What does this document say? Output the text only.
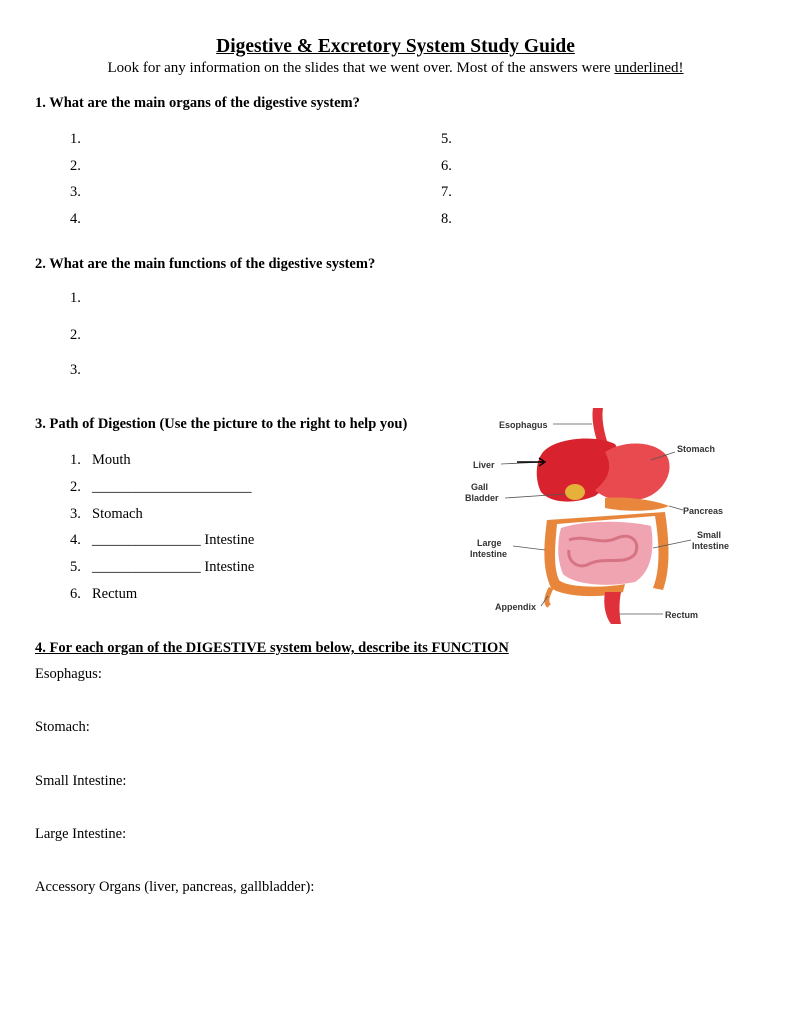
Digestive & Excretory System Study Guide
Look for any information on the slides that we went over. Most of the answers were underlined!
1. What are the main organs of the digestive system?
1.
2.
3.
4.
5.
6.
7.
8.
2. What are the main functions of the digestive system?
1.
2.
3.
3. Path of Digestion (Use the picture to the right to help you)
1. Mouth
2. ______________________
3. Stomach
4. _______________ Intestine
5. _______________ Intestine
6. Rectum
Esophagus
Stomach
Liver
Gall
Bladder
Pancreas
Small
Intestine
Large
Intestine
Appendix
Rectum
4. For each organ of the DIGESTIVE system below, describe its FUNCTION
Esophagus:
Stomach:
Small Intestine:
Large Intestine:
Accessory Organs (liver, pancreas, gallbladder):
